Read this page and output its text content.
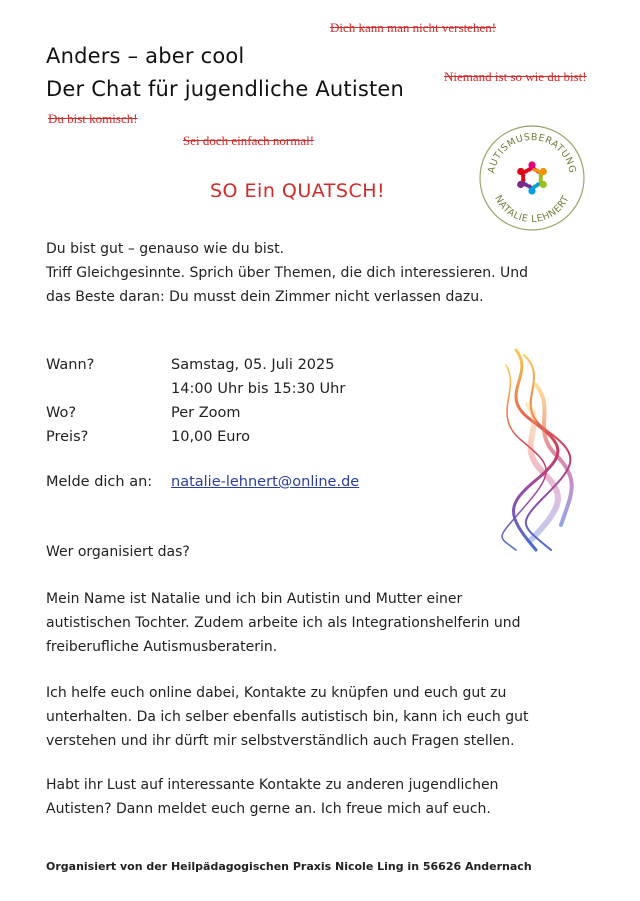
Dich kann man nicht verstehen!
Niemand ist so wie du bist!
Du bist komisch!
Sei doch einfach normal!
Anders – aber cool
Der Chat für jugendliche Autisten
AUTISMUSBERATUNG
NATALIE LEHNERT
SO Ein QUATSCH!
Du bist gut – genauso wie du bist.
Triff Gleichgesinnte. Sprich über Themen, die dich interessieren. Und
das Beste daran: Du musst dein Zimmer nicht verlassen dazu.
Wann?	Samstag, 05. Juli 2025
14:00 Uhr bis 15:30 Uhr
Wo?	Per Zoom
Preis?	10,00 Euro
Melde dich an: natalie-lehnert@online.de
Wer organisiert das?
Mein Name ist Natalie und ich bin Autistin und Mutter einer
autistischen Tochter. Zudem arbeite ich als Integrationshelferin und
freiberufliche Autismusberaterin.
Ich helfe euch online dabei, Kontakte zu knüpfen und euch gut zu
unterhalten. Da ich selber ebenfalls autistisch bin, kann ich euch gut
verstehen und ihr dürft mir selbstverständlich auch Fragen stellen.
Habt ihr Lust auf interessante Kontakte zu anderen jugendlichen
Autisten? Dann meldet euch gerne an. Ich freue mich auf euch.
Organisiert von der Heilpädagogischen Praxis Nicole Ling in 56626 Andernach
